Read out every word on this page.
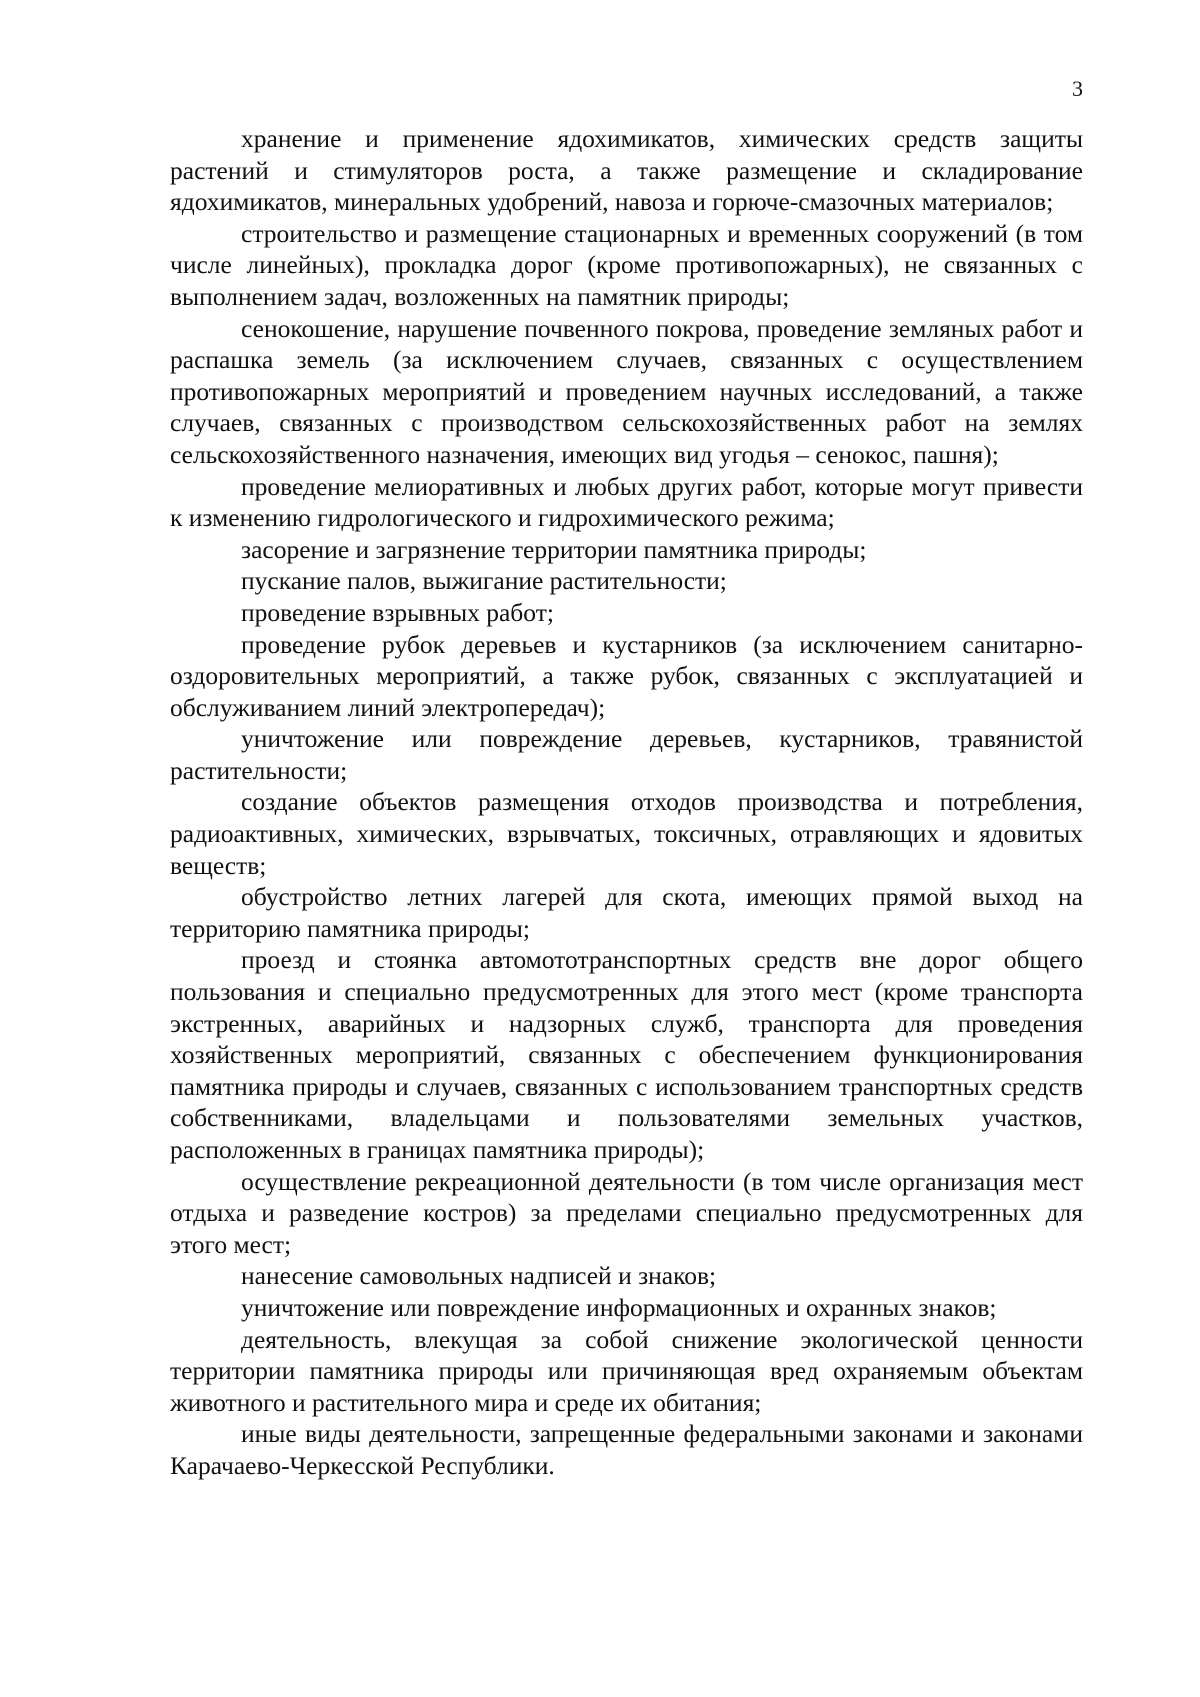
3

хранение и применение ядохимикатов, химических средств защиты растений и стимуляторов роста, а также размещение и складирование ядохимикатов, минеральных удобрений, навоза и горюче-смазочных материалов;

строительство и размещение стационарных и временных сооружений (в том числе линейных), прокладка дорог (кроме противопожарных), не связанных с выполнением задач, возложенных на памятник природы;

сенокошение, нарушение почвенного покрова, проведение земляных работ и распашка земель (за исключением случаев, связанных с осуществлением противопожарных мероприятий и проведением научных исследований, а также случаев, связанных с производством сельскохозяйственных работ на землях сельскохозяйственного назначения, имеющих вид угодья – сенокос, пашня);

проведение мелиоративных и любых других работ, которые могут привести к изменению гидрологического и гидрохимического режима;

засорение и загрязнение территории памятника природы;

пускание палов, выжигание растительности;

проведение взрывных работ;

проведение рубок деревьев и кустарников (за исключением санитарно-оздоровительных мероприятий, а также рубок, связанных с эксплуатацией и обслуживанием линий электропередач);

уничтожение или повреждение деревьев, кустарников, травянистой растительности;

создание объектов размещения отходов производства и потребления, радиоактивных, химических, взрывчатых, токсичных, отравляющих и ядовитых веществ;

обустройство летних лагерей для скота, имеющих прямой выход на территорию памятника природы;

проезд и стоянка автомототранспортных средств вне дорог общего пользования и специально предусмотренных для этого мест (кроме транспорта экстренных, аварийных и надзорных служб, транспорта для проведения хозяйственных мероприятий, связанных с обеспечением функционирования памятника природы и случаев, связанных с использованием транспортных средств собственниками, владельцами и пользователями земельных участков, расположенных в границах памятника природы);

осуществление рекреационной деятельности (в том числе организация мест отдыха и разведение костров) за пределами специально предусмотренных для этого мест;

нанесение самовольных надписей и знаков;

уничтожение или повреждение информационных и охранных знаков;

деятельность, влекущая за собой снижение экологической ценности территории памятника природы или причиняющая вред охраняемым объектам животного и растительного мира и среде их обитания;

иные виды деятельности, запрещенные федеральными законами и законами Карачаево-Черкесской Республики.
